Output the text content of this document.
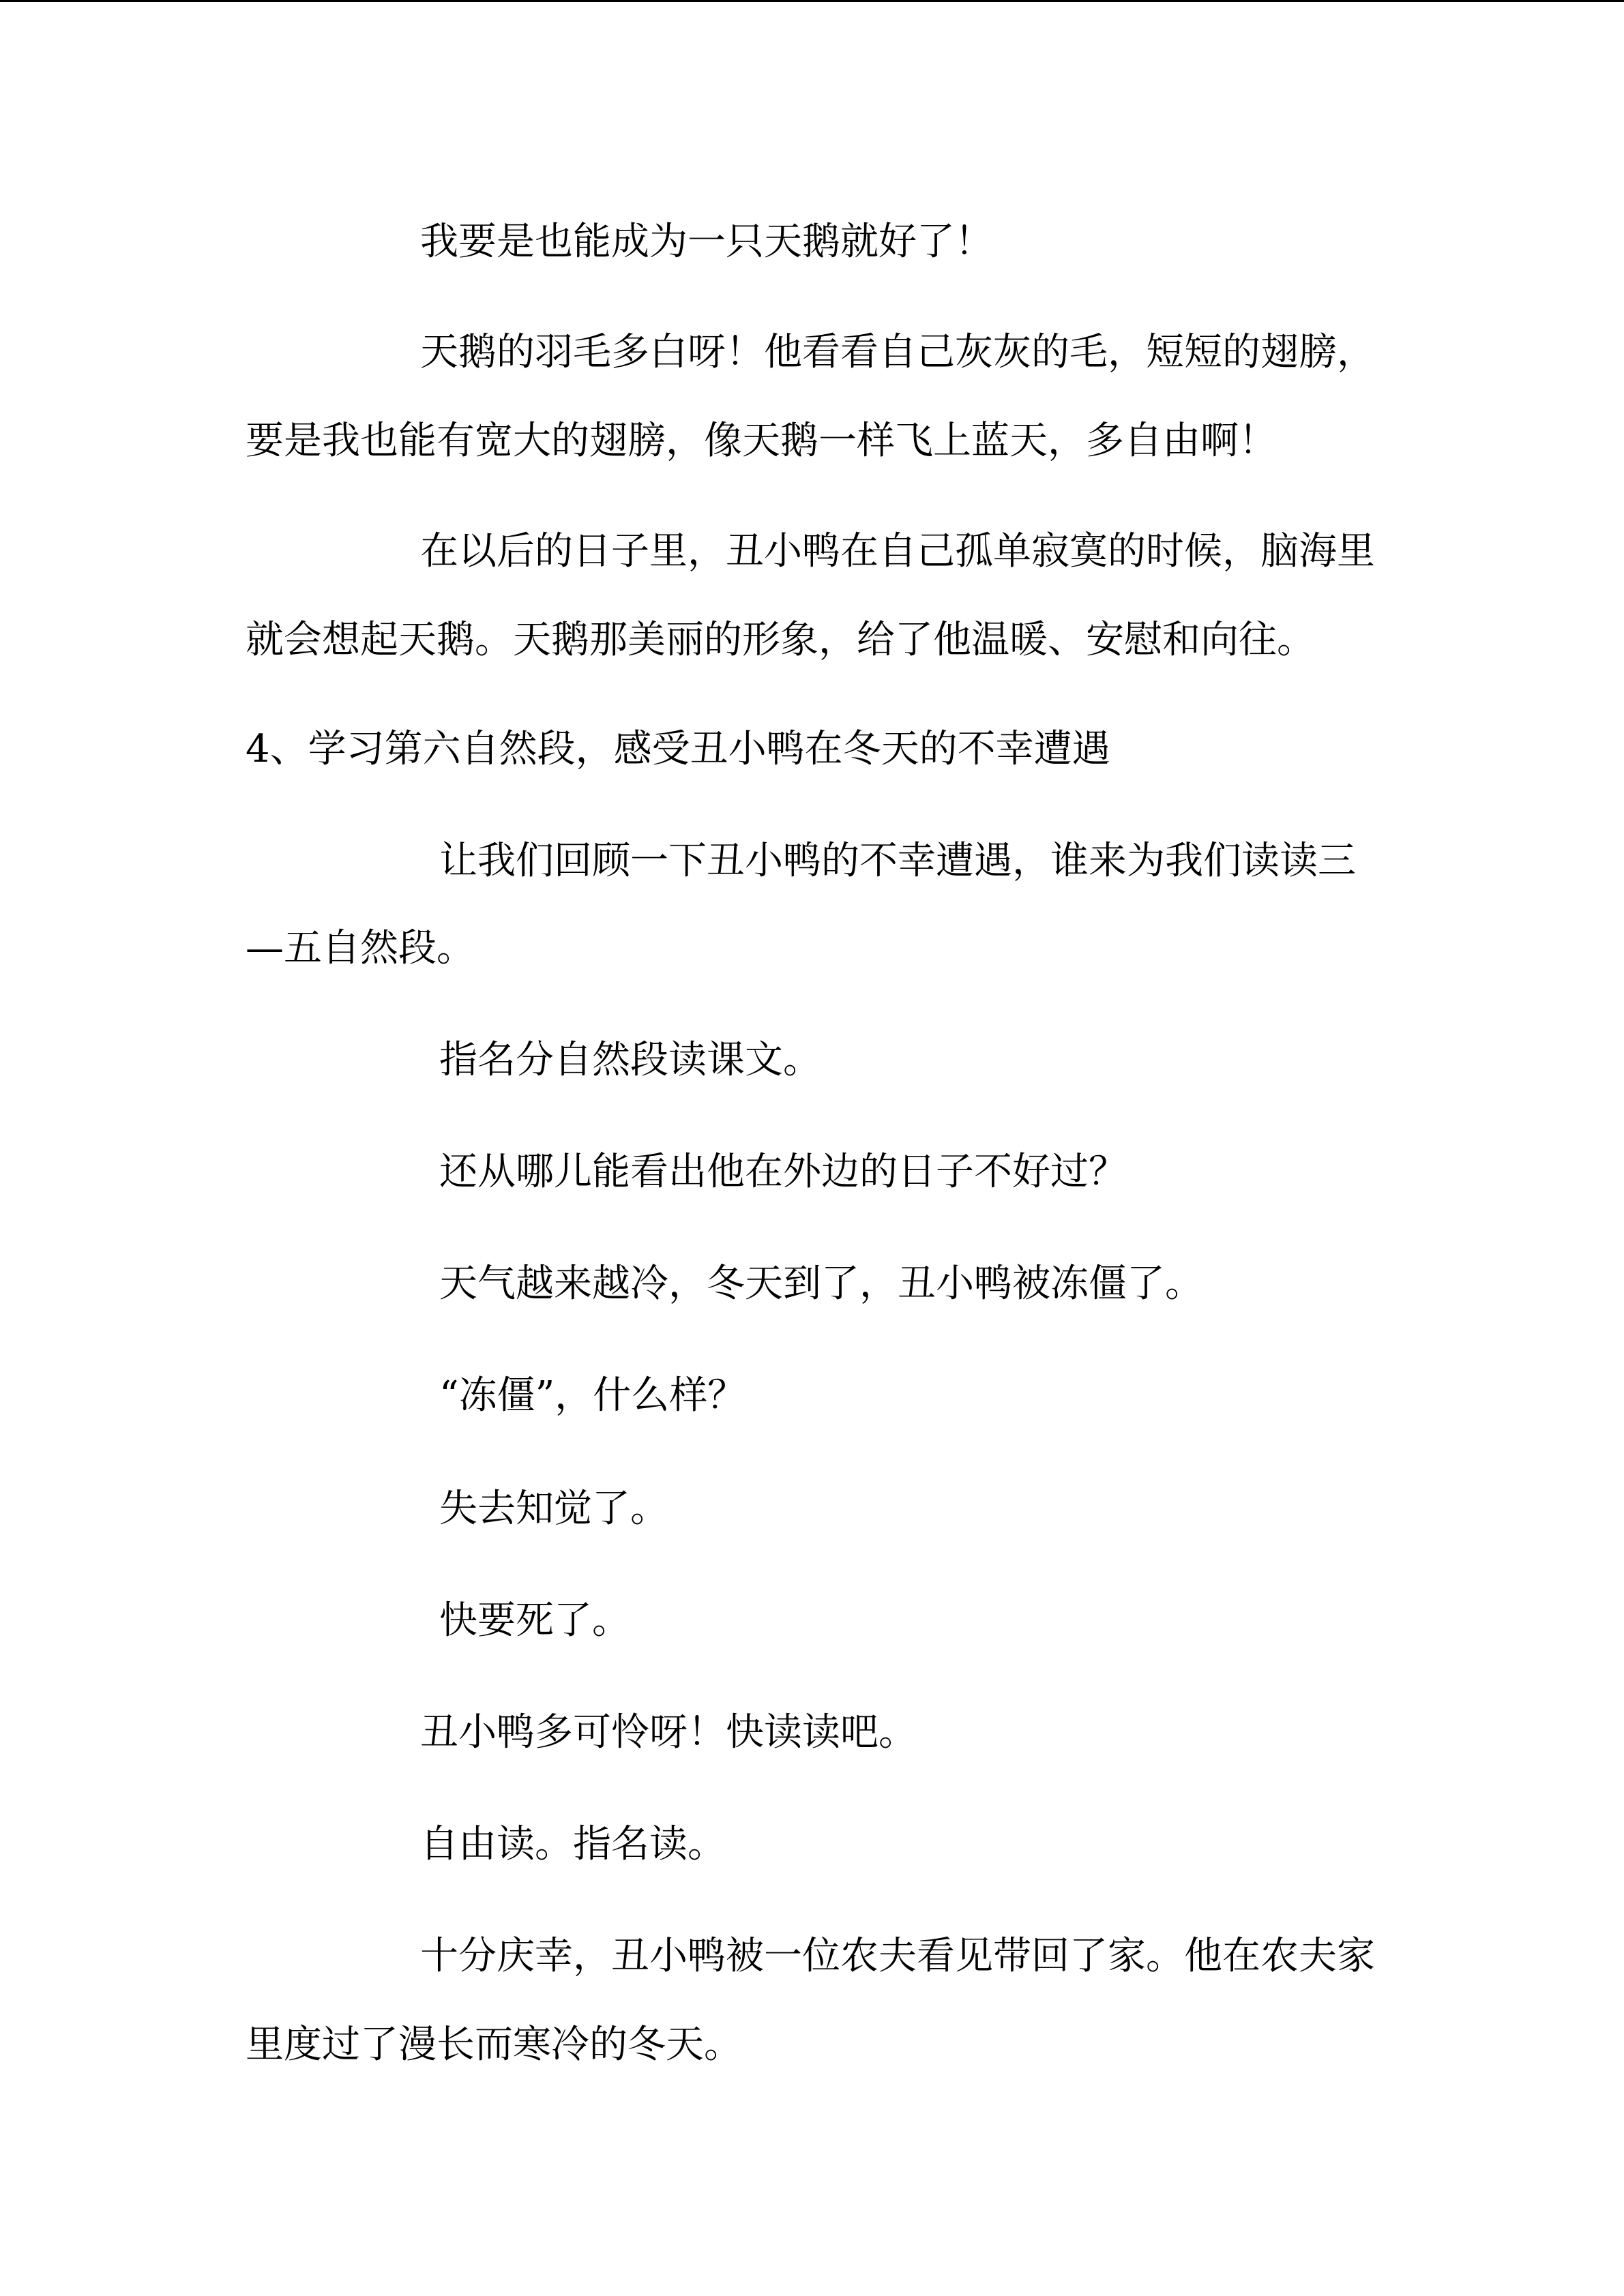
我要是也能成为一只天鹅就好了！

天鹅的羽毛多白呀！他看看自己灰灰的毛，短短的翅膀，

要是我也能有宽大的翅膀，像天鹅一样飞上蓝天，多自由啊！

在以后的日子里，丑小鸭在自己孤单寂寞的时候，脑海里

就会想起天鹅。天鹅那美丽的形象，给了他温暖、安慰和向往。

4、学习第六自然段，感受丑小鸭在冬天的不幸遭遇

让我们回顾一下丑小鸭的不幸遭遇，谁来为我们读读三

—五自然段。

指名分自然段读课文。

还从哪儿能看出他在外边的日子不好过？

天气越来越冷，冬天到了，丑小鸭被冻僵了。

“冻僵”，什么样？

失去知觉了。

快要死了。

丑小鸭多可怜呀！快读读吧。

自由读。指名读。

十分庆幸，丑小鸭被一位农夫看见带回了家。他在农夫家

里度过了漫长而寒冷的冬天。
